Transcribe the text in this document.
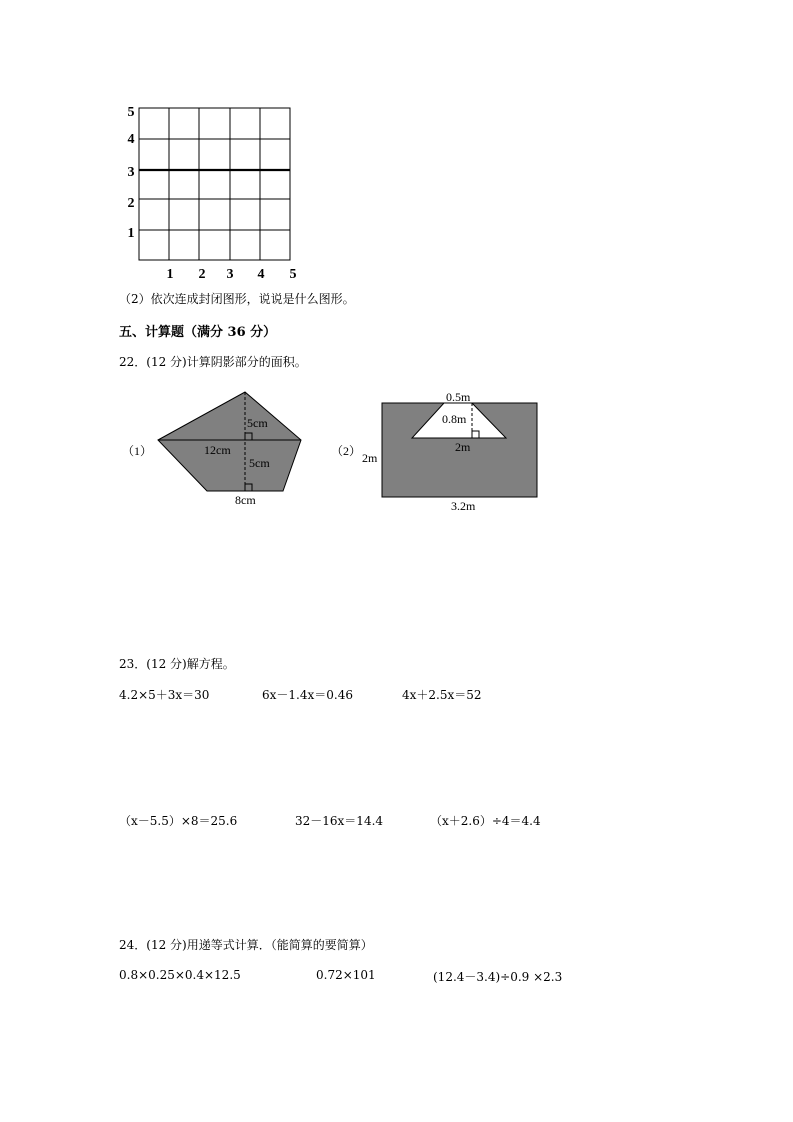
5
4
3
2
1
1 2 3 4 5
（2）依次连成封闭图形，说说是什么图形。
五、计算题（满分 36 分）
22．(12 分)计算阴影部分的面积。
（1）
5cm
12cm
5cm
8cm
（2）
0.5m
0.8m
2m
2m
3.2m
23．(12 分)解方程。
4.2×5＋3x＝30	6x－1.4x＝0.46	4x＋2.5x＝52
（x－5.5）×8＝25.6	32－16x＝14.4	（x＋2.6）÷4＝4.4
24．(12 分)用递等式计算．（能简算的要简算）
0.8×0.25×0.4×12.5	0.72×101	(12.4－3.4)÷0.9 ×2.3
